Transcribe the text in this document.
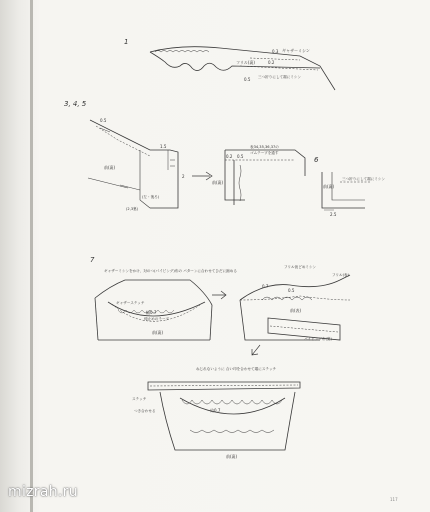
1
3, 4, 5
6
7
ギャザーミシン
フリル(裏)
0.3
0.2
0.5 三つ折りにして端にミシン
0.5
1.5
前(裏)
(左・後ろ)
2
(2,3裏)
表34,35,36,37の
ゴムテープを通す
0.2 0.5
前(裏)
前(裏)
三つ折りにして端にミシン
2.5
ギャザーミシンをかけ、対のつ(パイピング)布の パターンに合わせてひだに縮める
ギャザーステッチ
幅0.7
伸止めのテープ
前(裏)
フリル仮どめミシン
フリル(表)
0.7
0.5
前(表)
パイピング布(裏)
ねじれないように 合い印を合わせて端にステッチ
ステッチ
つき合わせる	約0.7
前(裏)
117
mizrah.ru
